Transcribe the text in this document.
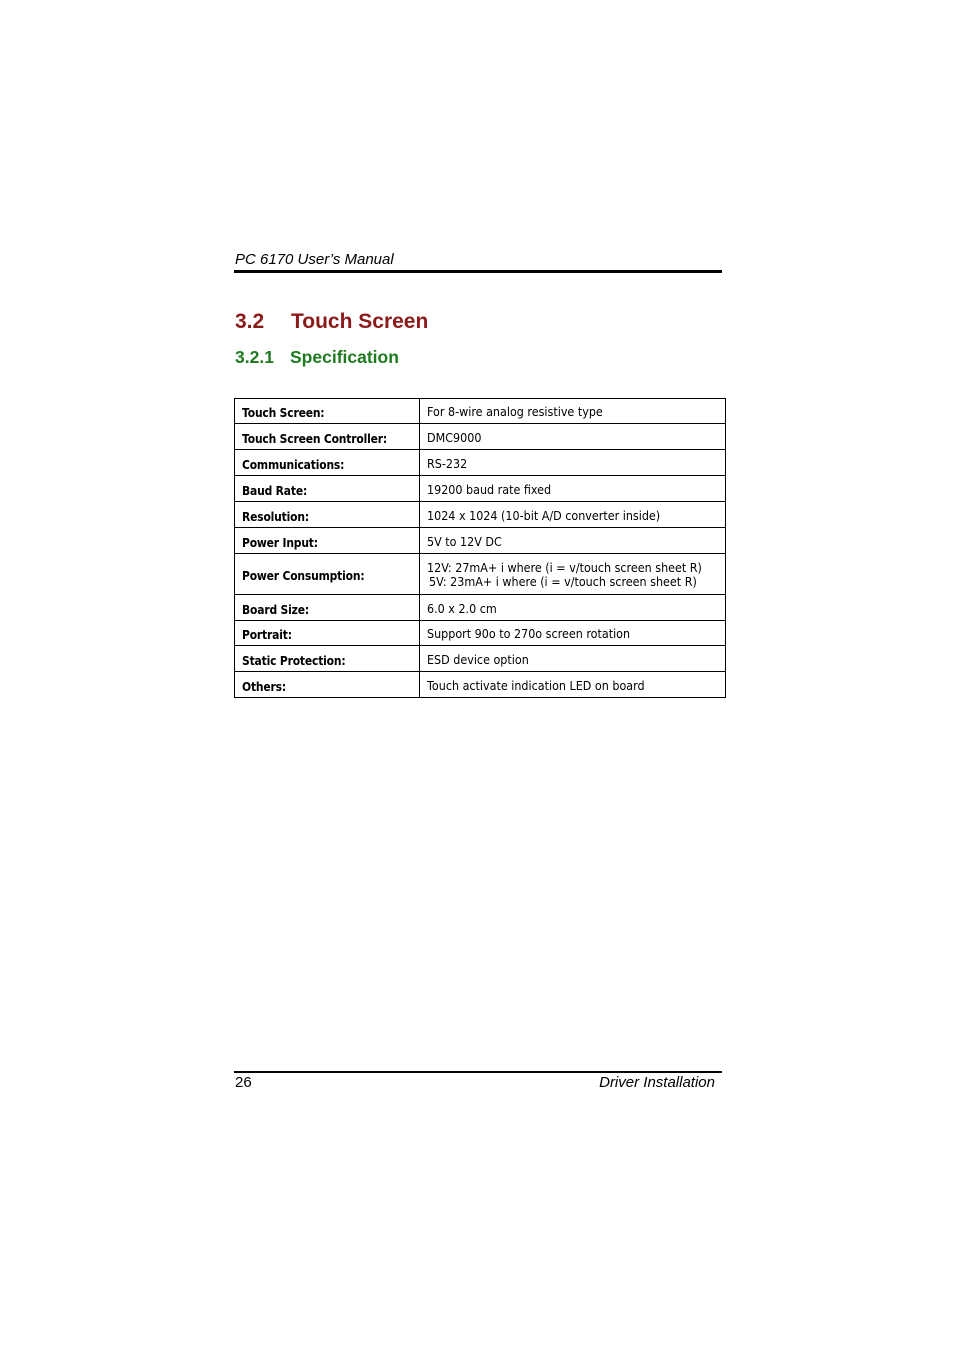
PC 6170 User’s Manual
3.2 Touch Screen
3.2.1 Specification
Touch Screen:	For 8-wire analog resistive type
Touch Screen Controller:	DMC9000
Communications:	RS-232
Baud Rate:	19200 baud rate fixed
Resolution:	1024 x 1024 (10-bit A/D converter inside)
Power Input:	5V to 12V DC
Power Consumption:	12V: 27mA+ i where (i = v/touch screen sheet R)
5V: 23mA+ i where (i = v/touch screen sheet R)
Board Size:	6.0 x 2.0 cm
Portrait:	Support 90o to 270o screen rotation
Static Protection:	ESD device option
Others:	Touch activate indication LED on board
26	Driver Installation
